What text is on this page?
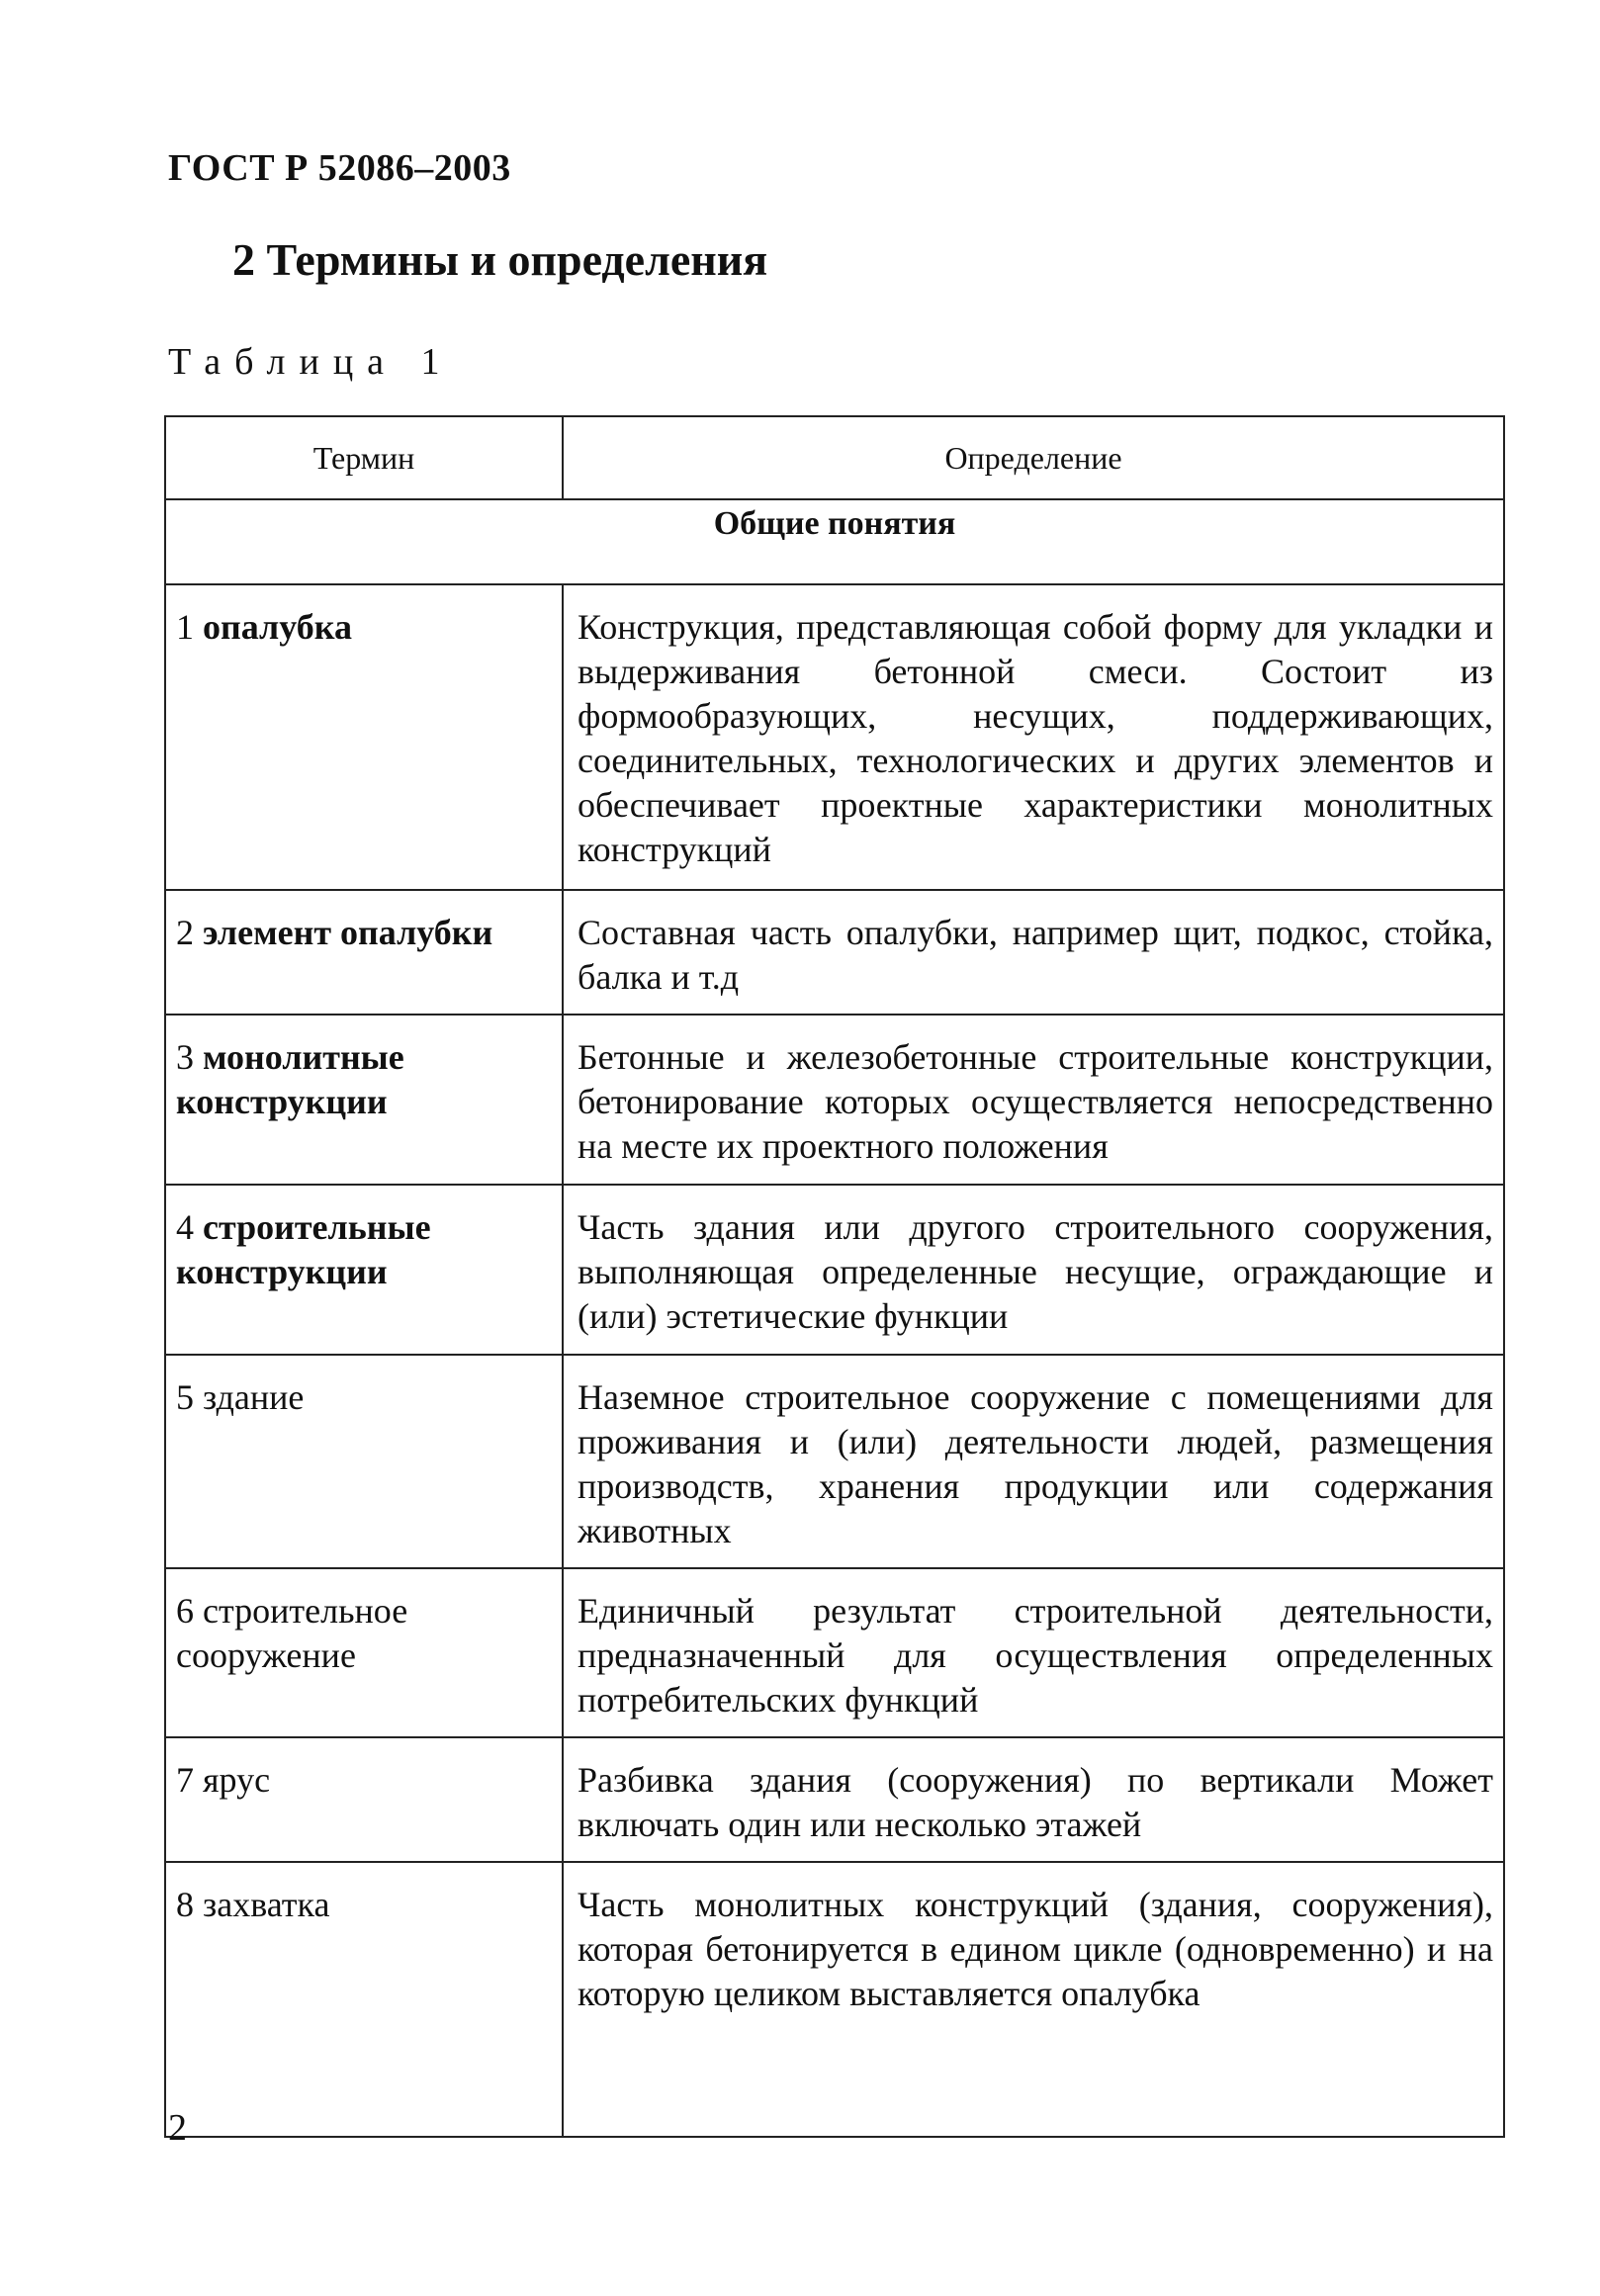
ГОСТ Р 52086–2003
2 Термины и определения
Таблица 1
Термин	Определение
Общие понятия	
1 опалубка	Конструкция, представляющая собой форму для укладки и выдерживания бетонной смеси. Состоит из формообразующих, несущих, поддерживающих, соединительных, технологических и других элементов и обеспечивает проектные характеристики монолитных конструкций
2 элемент опалубки	Составная часть опалубки, например щит, подкос, стойка, балка и т.д
3 монолитные конструкции	Бетонные и железобетонные строительные конструкции, бетонирование которых осуществляется непосредственно на месте их проектного положения
4 строительные конструкции	Часть здания или другого строительного сооружения, выполняющая определенные несущие, ограждающие и (или) эстетические функции
5 здание	Наземное строительное сооружение с помещениями для проживания и (или) деятельности людей, размещения производств, хранения продукции или содержания животных
6 строительное сооружение	Единичный результат строительной деятельности, предназначенный для осуществления определенных потребительских функций
7 ярус	Разбивка здания (сооружения) по вертикали Может включать один или несколько этажей
8 захватка	Часть монолитных конструкций (здания, сооружения), которая бетонируется в едином цикле (одновременно) и на которую целиком выставляется опалубка
2
